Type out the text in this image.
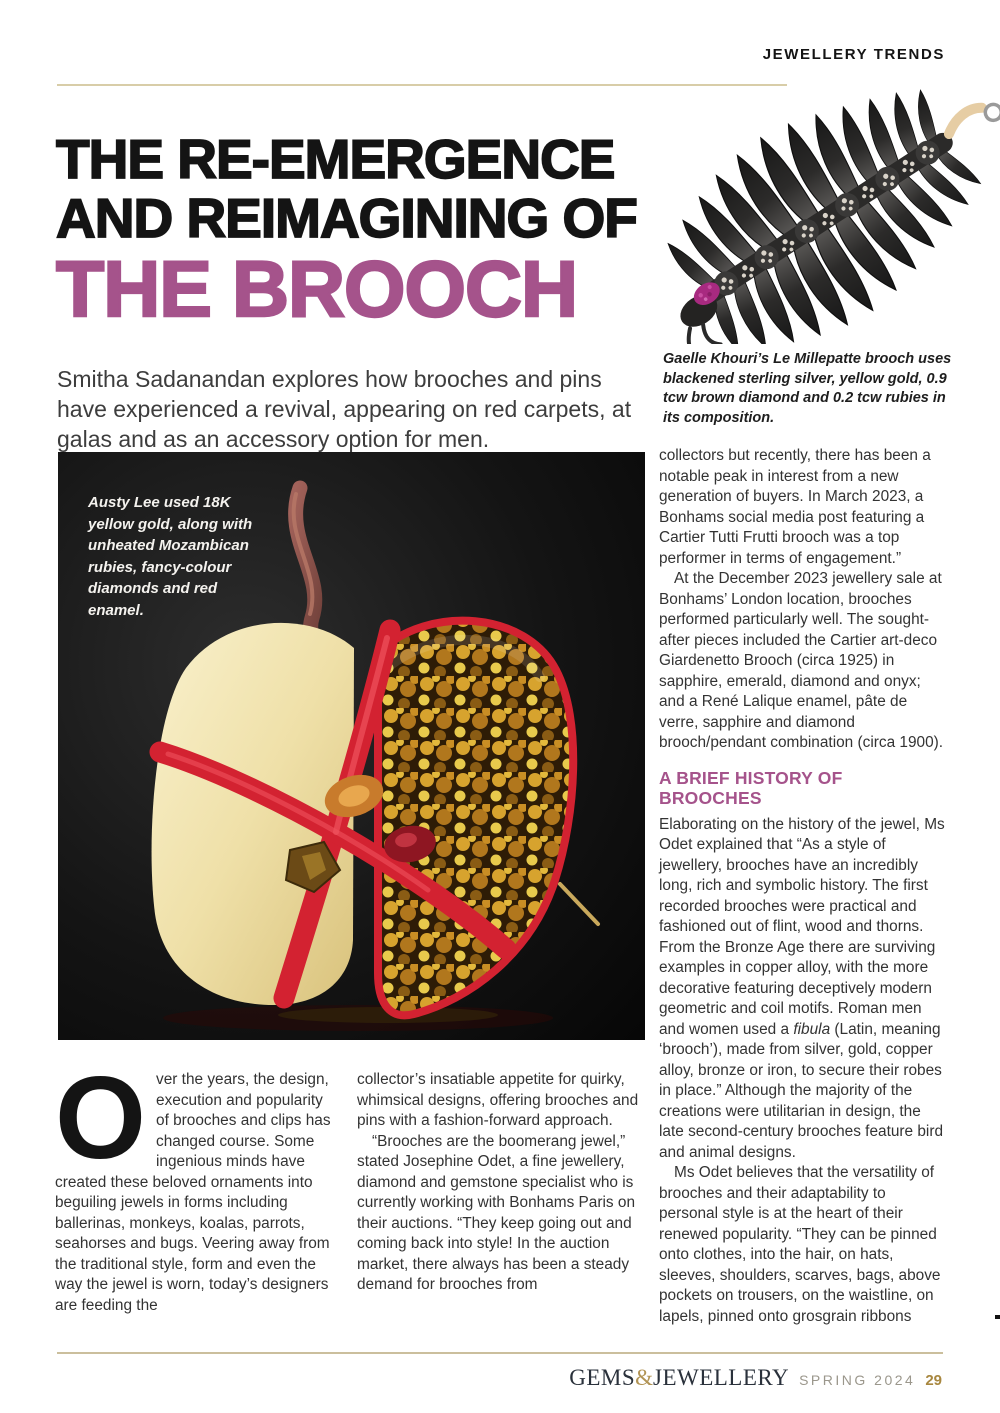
JEWELLERY TRENDS
Gaelle Khouri’s Le Millepatte brooch uses blackened sterling silver, yellow gold, 0.9 tcw brown diamond and 0.2 tcw rubies in its composition.
THE RE-EMERGENCE
AND REIMAGINING OF
THE BROOCH

Smitha Sadanandan explores how brooches and pins have experienced a revival, appearing on red carpets, at galas and as an accessory option for men.

Austy Lee used 18K yellow gold, along with unheated Mozambican rubies, fancy-colour diamonds and red enamel.

collectors but recently, there has been a notable peak in interest from a new generation of buyers. In March 2023, a Bonhams social media post featuring a Cartier Tutti Frutti brooch was a top performer in terms of engagement.”

At the December 2023 jewellery sale at Bonhams’ London location, brooches performed particularly well. The sought-after pieces included the Cartier art-deco Giardenetto Brooch (circa 1925) in sapphire, emerald, diamond and onyx; and a René Lalique enamel, pâte de verre, sapphire and diamond brooch/pendant combination (circa 1900).

A BRIEF HISTORY OF BROOCHES

Elaborating on the history of the jewel, Ms Odet explained that “As a style of jewellery, brooches have an incredibly long, rich and symbolic history. The first recorded brooches were practical and fashioned out of flint, wood and thorns. From the Bronze Age there are surviving examples in copper alloy, with the more decorative featuring deceptively modern geometric and coil motifs. Roman men and women used a fibula (Latin, meaning ‘brooch’), made from silver, gold, copper alloy, bronze or iron, to secure their robes in place.” Although the majority of the creations were utilitarian in design, the late second-century brooches feature bird and animal designs.

Ms Odet believes that the versatility of brooches and their adaptability to personal style is at the heart of their renewed popularity. “They can be pinned onto clothes, into the hair, on hats, sleeves, shoulders, scarves, bags, above pockets on trousers, on the waistline, on lapels, pinned onto grosgrain ribbons

Over the years, the design, execution and popularity of brooches and clips has changed course. Some ingenious minds have created these beloved ornaments into beguiling jewels in forms including ballerinas, monkeys, koalas, parrots, seahorses and bugs. Veering away from the traditional style, form and even the way the jewel is worn, today’s designers are feeding the

collector’s insatiable appetite for quirky, whimsical designs, offering brooches and pins with a fashion-forward approach.

“Brooches are the boomerang jewel,” stated Josephine Odet, a fine jewellery, diamond and gemstone specialist who is currently working with Bonhams Paris on their auctions. “They keep going out and coming back into style! In the auction market, there always has been a steady demand for brooches from

GEMS&JEWELLERY SPRING 2024 29
